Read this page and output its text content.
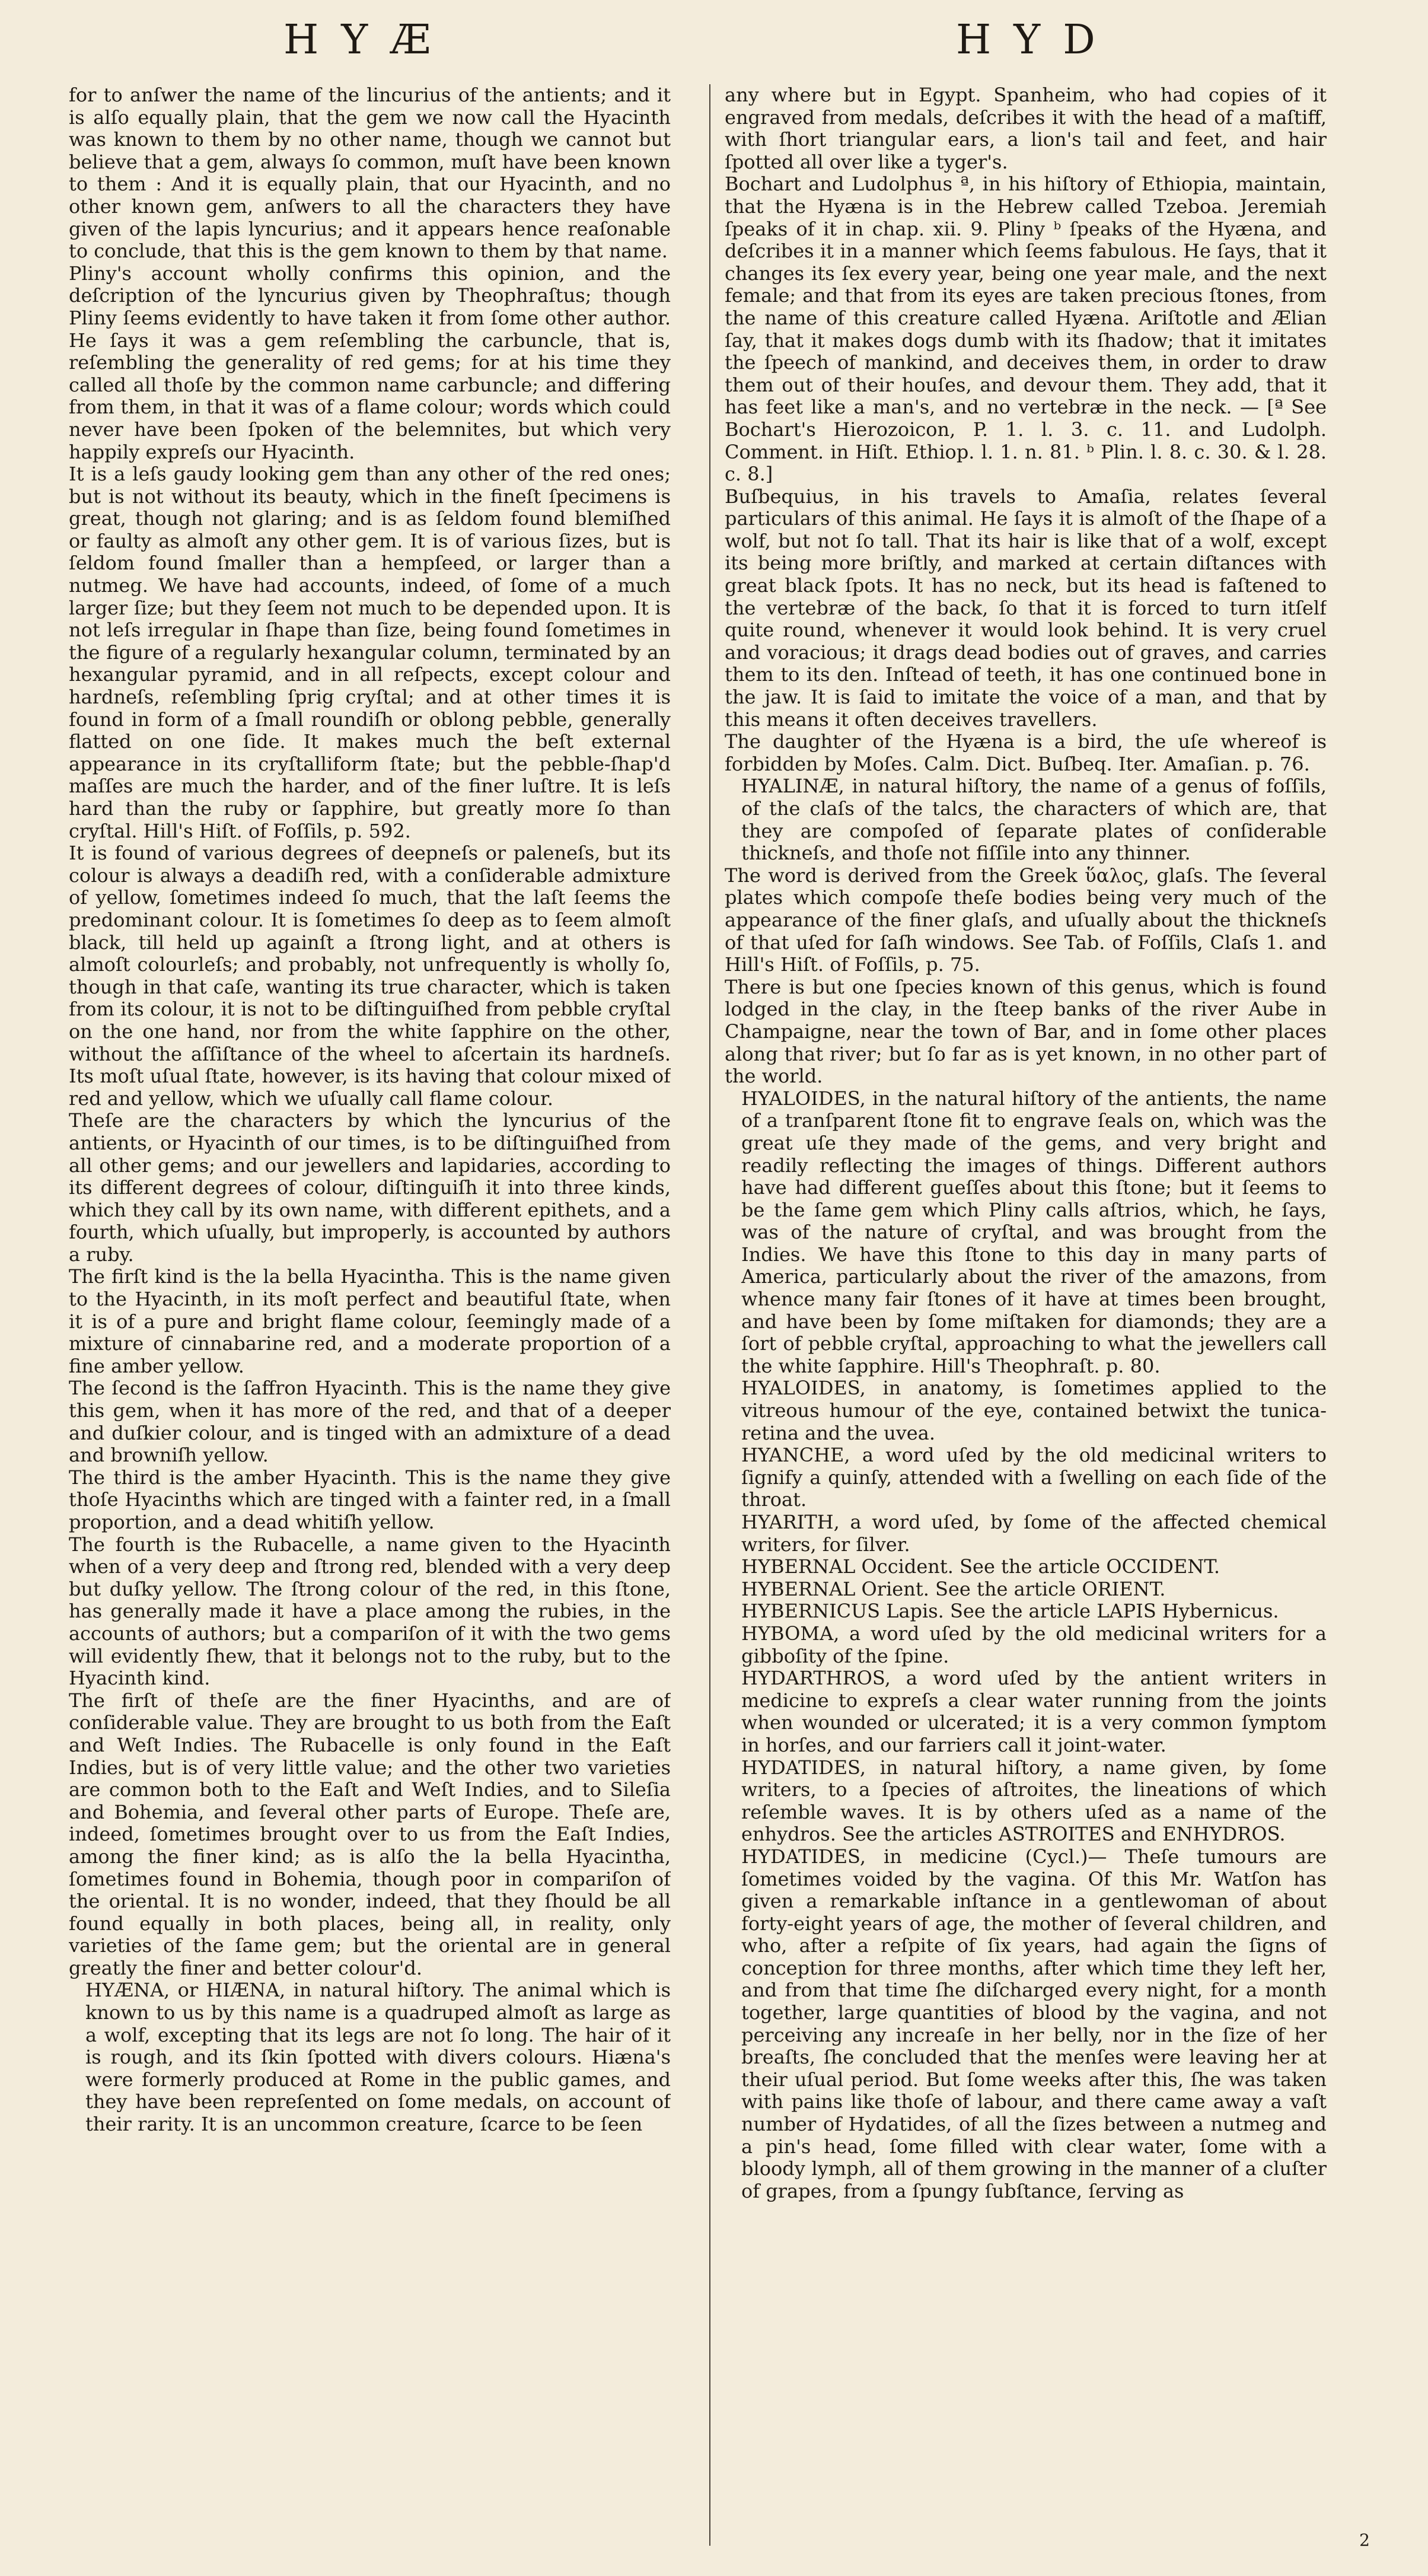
HYÆ	HYD

for to anſwer the name of the lincurius of the antients; and it is alſo equally plain, that the gem we now call the Hyacinth was known to them by no other name, though we cannot but believe that a gem, always ſo common, muſt have been known to them : And it is equally plain, that our Hyacinth, and no other known gem, anſwers to all the characters they have given of the lapis lyncurius; and it appears hence reaſonable to conclude, that this is the gem known to them by that name.

Pliny's account wholly confirms this opinion, and the deſcription of the lyncurius given by Theophraſtus; though Pliny ſeems evidently to have taken it from ſome other author. He ſays it was a gem reſembling the carbuncle, that is, reſembling the generality of red gems; for at his time they called all thoſe by the common name carbuncle; and differing from them, in that it was of a flame colour; words which could never have been ſpoken of the belemnites, but which very happily expreſs our Hyacinth.

It is a leſs gaudy looking gem than any other of the red ones; but is not without its beauty, which in the fineſt ſpecimens is great, though not glaring; and is as ſeldom found blemiſhed or faulty as almoſt any other gem. It is of various ſizes, but is ſeldom found ſmaller than a hempſeed, or larger than a nutmeg. We have had accounts, indeed, of ſome of a much larger ſize; but they ſeem not much to be depended upon. It is not leſs irregular in ſhape than ſize, being found ſometimes in the figure of a regularly hexangular column, terminated by an hexangular pyramid, and in all reſpects, except colour and hardneſs, reſembling ſprig cryſtal; and at other times it is found in form of a ſmall roundiſh or oblong pebble, generally flatted on one ſide. It makes much the beſt external appearance in its cryſtalliform ſtate; but the pebble-ſhap'd maſſes are much the harder, and of the finer luſtre. It is leſs hard than the ruby or ſapphire, but greatly more ſo than cryſtal. Hill's Hiſt. of Foſſils, p. 592.

It is found of various degrees of deepneſs or paleneſs, but its colour is always a deadiſh red, with a conſiderable admixture of yellow, ſometimes indeed ſo much, that the laſt ſeems the predominant colour. It is ſometimes ſo deep as to ſeem almoſt black, till held up againſt a ſtrong light, and at others is almoſt colourleſs; and probably, not unfrequently is wholly ſo, though in that caſe, wanting its true character, which is taken from its colour, it is not to be diſtinguiſhed from pebble cryſtal on the one hand, nor from the white ſapphire on the other, without the aſſiſtance of the wheel to aſcertain its hardneſs. Its moſt uſual ſtate, however, is its having that colour mixed of red and yellow, which we uſually call flame colour.

Theſe are the characters by which the lyncurius of the antients, or Hyacinth of our times, is to be diſtinguiſhed from all other gems; and our jewellers and lapidaries, according to its different degrees of colour, diſtinguiſh it into three kinds, which they call by its own name, with different epithets, and a fourth, which uſually, but improperly, is accounted by authors a ruby.

The firſt kind is the la bella Hyacintha. This is the name given to the Hyacinth, in its moſt perfect and beautiful ſtate, when it is of a pure and bright flame colour, ſeemingly made of a mixture of cinnabarine red, and a moderate proportion of a fine amber yellow.

The ſecond is the ſaffron Hyacinth. This is the name they give this gem, when it has more of the red, and that of a deeper and duſkier colour, and is tinged with an admixture of a dead and browniſh yellow.

The third is the amber Hyacinth. This is the name they give thoſe Hyacinths which are tinged with a fainter red, in a ſmall proportion, and a dead whitiſh yellow.

The fourth is the Rubacelle, a name given to the Hyacinth when of a very deep and ſtrong red, blended with a very deep but duſky yellow. The ſtrong colour of the red, in this ſtone, has generally made it have a place among the rubies, in the accounts of authors; but a compariſon of it with the two gems will evidently ſhew, that it belongs not to the ruby, but to the Hyacinth kind.

The firſt of theſe are the finer Hyacinths, and are of conſiderable value. They are brought to us both from the Eaſt and Weſt Indies. The Rubacelle is only found in the Eaſt Indies, but is of very little value; and the other two varieties are common both to the Eaſt and Weſt Indies, and to Sileſia and Bohemia, and ſeveral other parts of Europe. Theſe are, indeed, ſometimes brought over to us from the Eaſt Indies, among the finer kind; as is alſo the la bella Hyacintha, ſometimes found in Bohemia, though poor in compariſon of the oriental. It is no wonder, indeed, that they ſhould be all found equally in both places, being all, in reality, only varieties of the ſame gem; but the oriental are in general greatly the finer and better colour'd.

HYÆNA, or HIÆNA, in natural hiſtory. The animal which is known to us by this name is a quadruped almoſt as large as a wolf, excepting that its legs are not ſo long. The hair of it is rough, and its ſkin ſpotted with divers colours. Hiæna's were formerly produced at Rome in the public games, and they have been repreſented on ſome medals, on account of their rarity. It is an uncommon creature, ſcarce to be ſeen

any where but in Egypt. Spanheim, who had copies of it engraved from medals, deſcribes it with the head of a maſtiff, with ſhort triangular ears, a lion's tail and feet, and hair ſpotted all over like a tyger's.

Bochart and Ludolphus ª, in his hiſtory of Ethiopia, maintain, that the Hyæna is in the Hebrew called Tzeboa. Jeremiah ſpeaks of it in chap. xii. 9. Pliny ᵇ ſpeaks of the Hyæna, and deſcribes it in a manner which ſeems fabulous. He ſays, that it changes its ſex every year, being one year male, and the next female; and that from its eyes are taken precious ſtones, from the name of this creature called Hyæna. Ariſtotle and Ælian ſay, that it makes dogs dumb with its ſhadow; that it imitates the ſpeech of mankind, and deceives them, in order to draw them out of their houſes, and devour them. They add, that it has feet like a man's, and no vertebræ in the neck. — [ª See Bochart's Hierozoicon, P. 1. l. 3. c. 11. and Ludolph. Comment. in Hiſt. Ethiop. l. 1. n. 81. ᵇ Plin. l. 8. c. 30. & l. 28. c. 8.]

Buſbequius, in his travels to Amaſia, relates ſeveral particulars of this animal. He ſays it is almoſt of the ſhape of a wolf, but not ſo tall. That its hair is like that of a wolf, except its being more briſtly, and marked at certain diſtances with great black ſpots. It has no neck, but its head is faſtened to the vertebræ of the back, ſo that it is forced to turn itſelf quite round, whenever it would look behind. It is very cruel and voracious; it drags dead bodies out of graves, and carries them to its den. Inſtead of teeth, it has one continued bone in the jaw. It is ſaid to imitate the voice of a man, and that by this means it often deceives travellers.

The daughter of the Hyæna is a bird, the uſe whereof is forbidden by Moſes. Calm. Dict. Buſbeq. Iter. Amaſian. p. 76.

HYALINÆ, in natural hiſtory, the name of a genus of foſſils, of the claſs of the talcs, the characters of which are, that they are compoſed of ſeparate plates of conſiderable thickneſs, and thoſe not fiſſile into any thinner.

The word is derived from the Greek ὕαλος, glaſs. The ſeveral plates which compoſe theſe bodies being very much of the appearance of the finer glaſs, and uſually about the thickneſs of that uſed for ſaſh windows. See Tab. of Foſſils, Claſs 1. and Hill's Hiſt. of Foſſils, p. 75.

There is but one ſpecies known of this genus, which is found lodged in the clay, in the ſteep banks of the river Aube in Champaigne, near the town of Bar, and in ſome other places along that river; but ſo far as is yet known, in no other part of the world.

HYALOIDES, in the natural hiſtory of the antients, the name of a tranſparent ſtone fit to engrave ſeals on, which was the great uſe they made of the gems, and very bright and readily reflecting the images of things. Different authors have had different gueſſes about this ſtone; but it ſeems to be the ſame gem which Pliny calls aſtrios, which, he ſays, was of the nature of cryſtal, and was brought from the Indies. We have this ſtone to this day in many parts of America, particularly about the river of the amazons, from whence many fair ſtones of it have at times been brought, and have been by ſome miſtaken for diamonds; they are a ſort of pebble cryſtal, approaching to what the jewellers call the white ſapphire. Hill's Theophraſt. p. 80.

HYALOIDES, in anatomy, is ſometimes applied to the vitreous humour of the eye, contained betwixt the tunica-retina and the uvea.

HYANCHE, a word uſed by the old medicinal writers to ſignify a quinſy, attended with a ſwelling on each ſide of the throat.

HYARITH, a word uſed, by ſome of the affected chemical writers, for ſilver.

HYBERNAL Occident. See the article OCCIDENT.

HYBERNAL Orient. See the article ORIENT.

HYBERNICUS Lapis. See the article LAPIS Hybernicus.

HYBOMA, a word uſed by the old medicinal writers for a gibboſity of the ſpine.

HYDARTHROS, a word uſed by the antient writers in medicine to expreſs a clear water running from the joints when wounded or ulcerated; it is a very common ſymptom in horſes, and our farriers call it joint-water.

HYDATIDES, in natural hiſtory, a name given, by ſome writers, to a ſpecies of aſtroites, the lineations of which reſemble waves. It is by others uſed as a name of the enhydros. See the articles ASTROITES and ENHYDROS.

HYDATIDES, in medicine (Cycl.)— Theſe tumours are ſometimes voided by the vagina. Of this Mr. Watſon has given a remarkable inſtance in a gentlewoman of about forty-eight years of age, the mother of ſeveral children, and who, after a reſpite of ſix years, had again the ſigns of conception for three months, after which time they left her, and from that time ſhe diſcharged every night, for a month together, large quantities of blood by the vagina, and not perceiving any increaſe in her belly, nor in the ſize of her breaſts, ſhe concluded that the menſes were leaving her at their uſual period. But ſome weeks after this, ſhe was taken with pains like thoſe of labour, and there came away a vaſt number of Hydatides, of all the ſizes between a nutmeg and a pin's head, ſome filled with clear water, ſome with a bloody lymph, all of them growing in the manner of a cluſter of grapes, from a ſpungy ſubſtance, ſerving as

2
